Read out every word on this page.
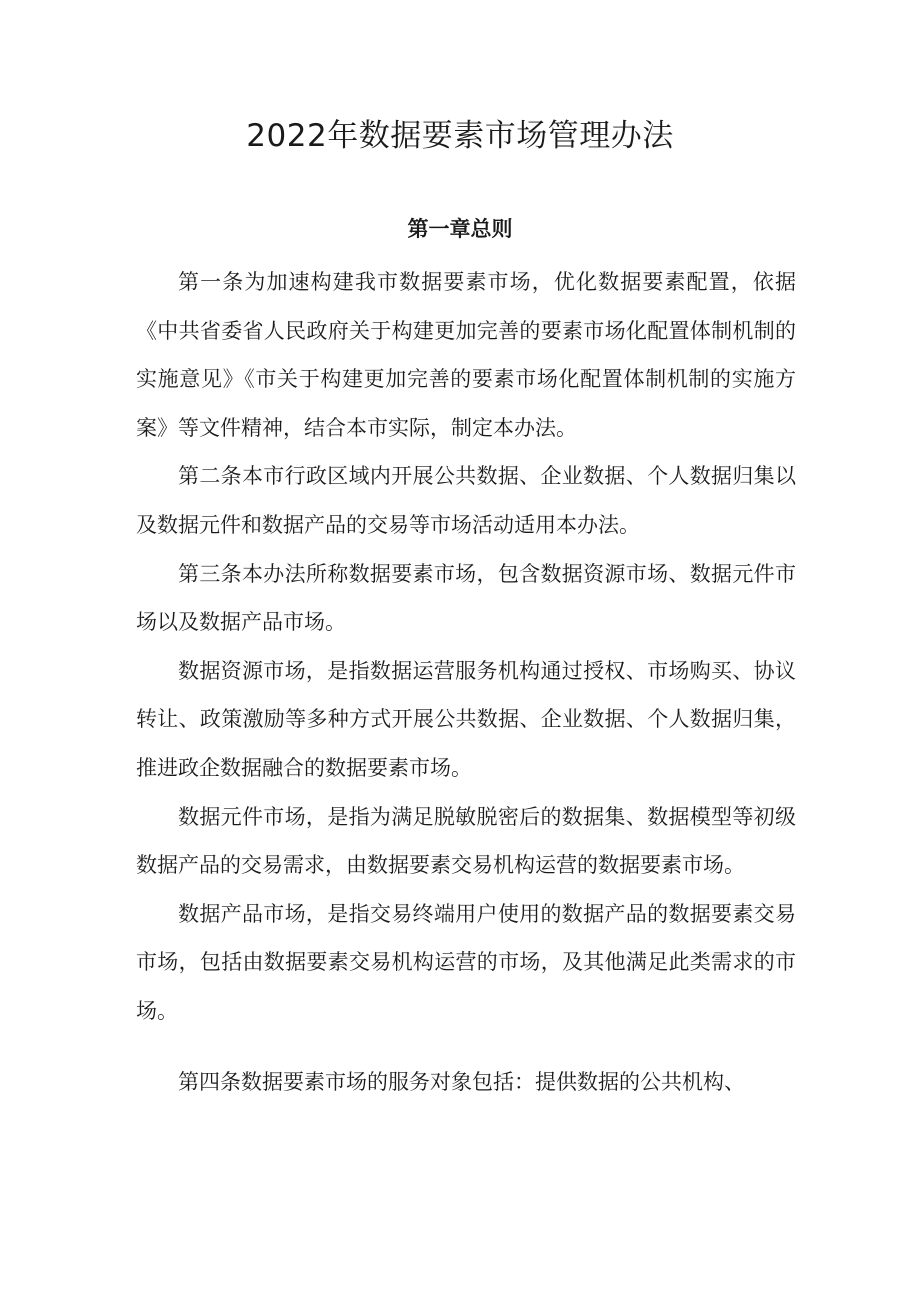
2022年数据要素市场管理办法
第一章总则

第一条为加速构建我市数据要素市场，优化数据要素配置，依据《中共省委省人民政府关于构建更加完善的要素市场化配置体制机制的实施意见》《市关于构建更加完善的要素市场化配置体制机制的实施方案》等文件精神，结合本市实际，制定本办法。

第二条本市行政区域内开展公共数据、企业数据、个人数据归集以及数据元件和数据产品的交易等市场活动适用本办法。

第三条本办法所称数据要素市场，包含数据资源市场、数据元件市场以及数据产品市场。

数据资源市场，是指数据运营服务机构通过授权、市场购买、协议转让、政策激励等多种方式开展公共数据、企业数据、个人数据归集，推进政企数据融合的数据要素市场。

数据元件市场，是指为满足脱敏脱密后的数据集、数据模型等初级数据产品的交易需求，由数据要素交易机构运营的数据要素市场。

数据产品市场，是指交易终端用户使用的数据产品的数据要素交易市场，包括由数据要素交易机构运营的市场，及其他满足此类需求的市场。

第四条数据要素市场的服务对象包括：提供数据的公共机构、
